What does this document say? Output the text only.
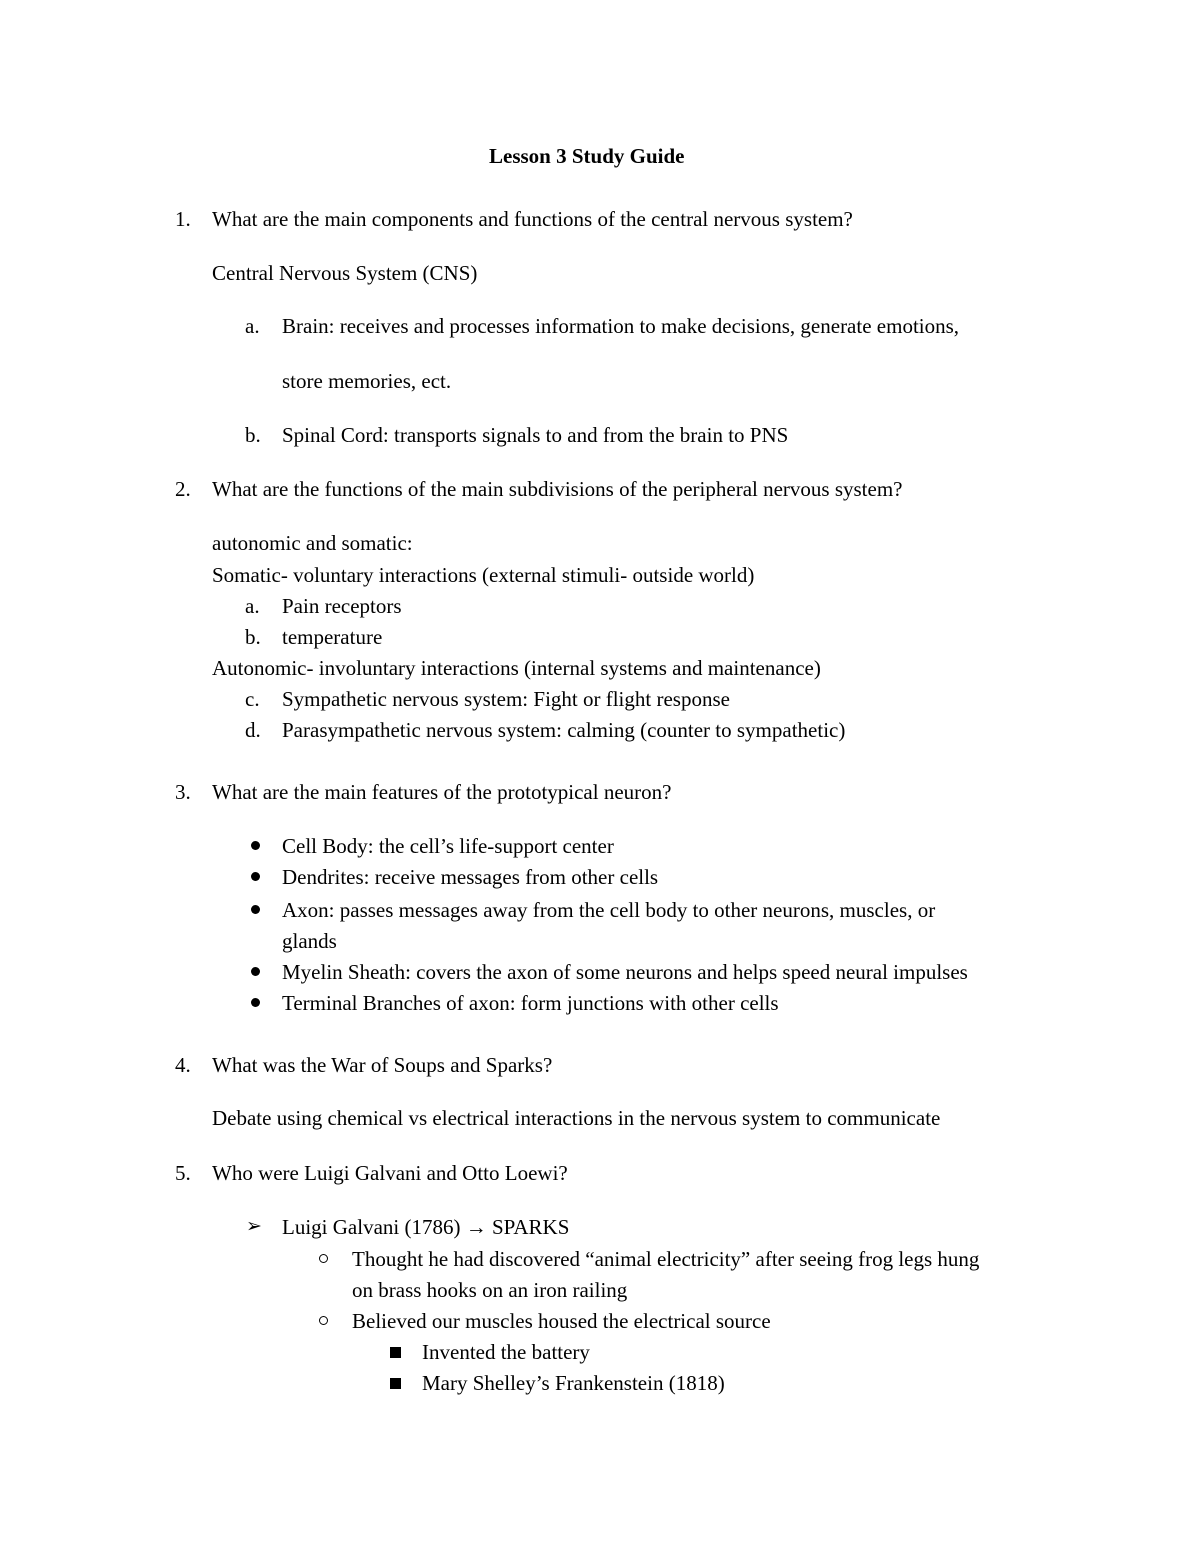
Lesson 3 Study Guide
1. What are the main components and functions of the central nervous system?
Central Nervous System (CNS)
a. Brain: receives and processes information to make decisions, generate emotions,
store memories, ect.
b. Spinal Cord: transports signals to and from the brain to PNS
2. What are the functions of the main subdivisions of the peripheral nervous system?
autonomic and somatic:
Somatic- voluntary interactions (external stimuli- outside world)
a. Pain receptors
b. temperature
Autonomic- involuntary interactions (internal systems and maintenance)
c. Sympathetic nervous system: Fight or flight response
d. Parasympathetic nervous system: calming (counter to sympathetic)
3. What are the main features of the prototypical neuron?
Cell Body: the cell’s life-support center
Dendrites: receive messages from other cells
Axon: passes messages away from the cell body to other neurons, muscles, or
glands
Myelin Sheath: covers the axon of some neurons and helps speed neural impulses
Terminal Branches of axon: form junctions with other cells
4. What was the War of Soups and Sparks?
Debate using chemical vs electrical interactions in the nervous system to communicate
5. Who were Luigi Galvani and Otto Loewi?
➢ Luigi Galvani (1786) → SPARKS
Thought he had discovered “animal electricity” after seeing frog legs hung
on brass hooks on an iron railing
Believed our muscles housed the electrical source
Invented the battery
Mary Shelley’s Frankenstein (1818)
